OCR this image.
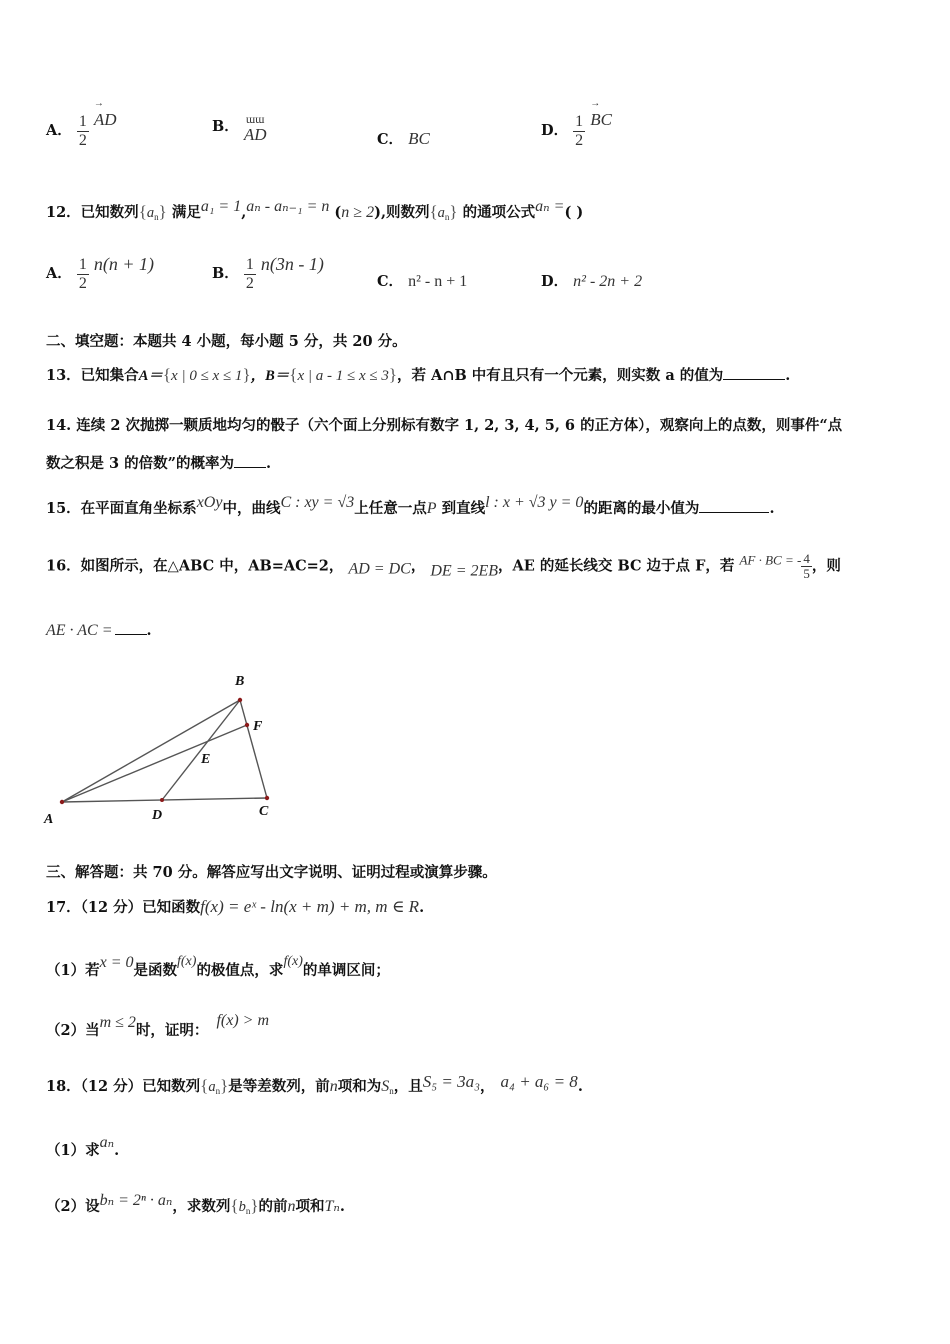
A． $\frac{1}{2}$ → AD	B． ɯɯ
AD	C． BC	D． $\frac{1}{2}$ → BC
12．已知数列$\{a_n\}$ 满足a₁ = 1,aₙ - aₙ₋₁ = n (n ≥ 2),则数列$\{a_n\}$ 的通项公式aₙ =( )
A． $\frac{1}{2} n(n + 1)$	B． $\frac{1}{2} n(3n - 1)$
C． n² - n + 1	D． n² - 2n + 2
二、填空题：本题共 4 小题，每小题 5 分，共 20 分。
13．已知集合A＝{x | 0 ≤ x ≤ 1}，B＝{x | a - 1 ≤ x ≤ 3}，若 A∩B 中有且只有一个元素，则实数 a 的值为	.
14. 连续 2 次抛掷一颗质地均匀的骰子（六个面上分别标有数字 1, 2, 3, 4, 5, 6 的正方体），观察向上的点数，则事件“点
数之积是 3 的倍数”的概率为 .
15．在平面直角坐标系xOy中，曲线C : xy = √3上任意一点P 到直线l : x + √3 y = 0的距离的最小值为	.
16．如图所示，在△ABC 中，AB=AC=2， AD = DC， DE = 2EB，AE 的延长线交 BC 边于点 F，若 AF · BC = - $\frac{4}{5}$ ，则
AE · AC = .
A
B
C
D
E
F
三、解答题：共 70 分。解答应写出文字说明、证明过程或演算步骤。
17．（12 分）已知函数f(x) = eˣ - ln(x + m) + m, m ∈ R.
（1）若x = 0是函数f(x)的极值点，求f(x)的单调区间；
（2）当m ≤ 2时，证明：f(x) > m
18．（12 分）已知数列$\{a_n\}$是等差数列，前n项和为$S_n$，且S₅ = 3a₃， a₄ + a₆ = 8.
（1）求aₙ.
（2）设bₙ = 2ⁿ · aₙ，求数列$\{b_n\}$的前n项和Tₙ.
